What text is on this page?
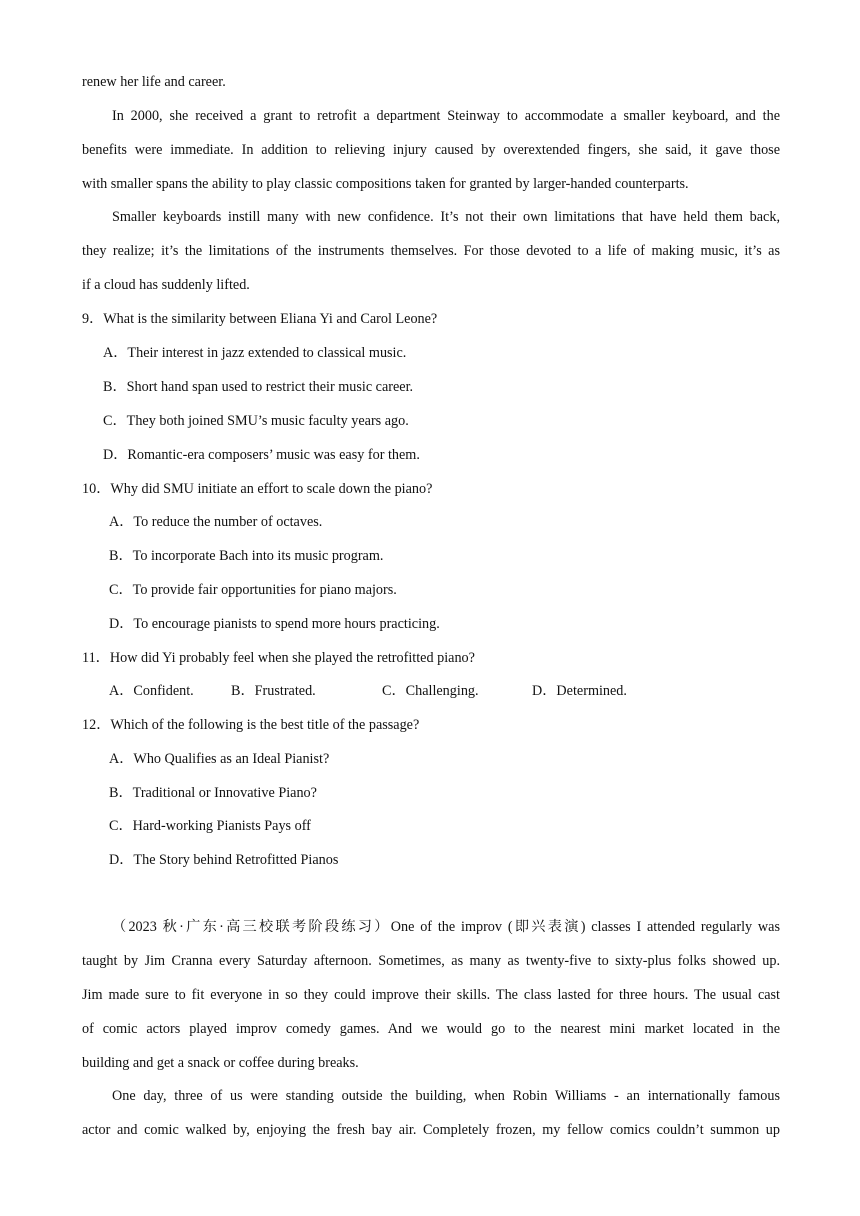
renew her life and career.
In 2000, she received a grant to retrofit a department Steinway to accommodate a smaller keyboard, and the
benefits were immediate. In addition to relieving injury caused by overextended fingers, she said, it gave those
with smaller spans the ability to play classic compositions taken for granted by larger-handed counterparts.
Smaller keyboards instill many with new confidence. It’s not their own limitations that have held them back,
they realize; it’s the limitations of the instruments themselves. For those devoted to a life of making music, it’s as
if a cloud has suddenly lifted.
9．What is the similarity between Eliana Yi and Carol Leone?
A．Their interest in jazz extended to classical music.
B．Short hand span used to restrict their music career.
C．They both joined SMU’s music faculty years ago.
D．Romantic-era composers’ music was easy for them.
10．Why did SMU initiate an effort to scale down the piano?
A．To reduce the number of octaves.
B．To incorporate Bach into its music program.
C．To provide fair opportunities for piano majors.
D．To encourage pianists to spend more hours practicing.
11．How did Yi probably feel when she played the retrofitted piano?
A．Confident.	B．Frustrated.	C．Challenging.	D．Determined.
12．Which of the following is the best title of the passage?
A．Who Qualifies as an Ideal Pianist?
B．Traditional or Innovative Piano?
C．Hard-working Pianists Pays off
D．The Story behind Retrofitted Pianos
（2023 秋·广东·高三校联考阶段练习）One of the improv (即兴表演) classes I attended regularly was
taught by Jim Cranna every Saturday afternoon. Sometimes, as many as twenty-five to sixty-plus folks showed up.
Jim made sure to fit everyone in so they could improve their skills. The class lasted for three hours. The usual cast
of comic actors played improv comedy games. And we would go to the nearest mini market located in the
building and get a snack or coffee during breaks.
One day, three of us were standing outside the building, when Robin Williams - an internationally famous
actor and comic walked by, enjoying the fresh bay air. Completely frozen, my fellow comics couldn’t summon up
